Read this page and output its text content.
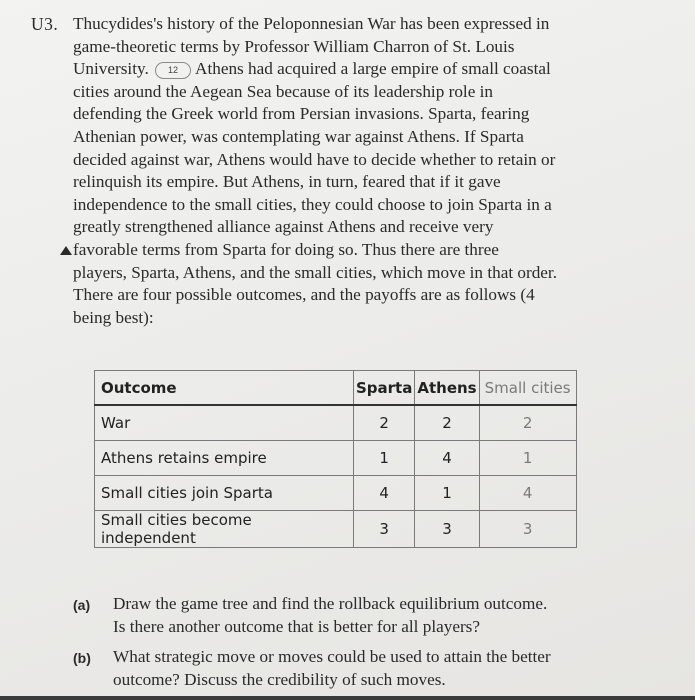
U3. Thucydides's history of the Peloponnesian War has been expressed in
game-theoretic terms by Professor William Charron of St. Louis
University. 12 Athens had acquired a large empire of small coastal
cities around the Aegean Sea because of its leadership role in
defending the Greek world from Persian invasions. Sparta, fearing
Athenian power, was contemplating war against Athens. If Sparta
decided against war, Athens would have to decide whether to retain or
relinquish its empire. But Athens, in turn, feared that if it gave
independence to the small cities, they could choose to join Sparta in a
greatly strengthened alliance against Athens and receive very
favorable terms from Sparta for doing so. Thus there are three
players, Sparta, Athens, and the small cities, which move in that order.
There are four possible outcomes, and the payoffs are as follows (4
being best):
Outcome	Sparta	Athens	Small cities
War	2	2	2
Athens retains empire	1	4	1
Small cities join Sparta	4	1	4
Small cities become independent	3	3	3
(a) Draw the game tree and find the rollback equilibrium outcome.
Is there another outcome that is better for all players?
(b) What strategic move or moves could be used to attain the better
outcome? Discuss the credibility of such moves.
